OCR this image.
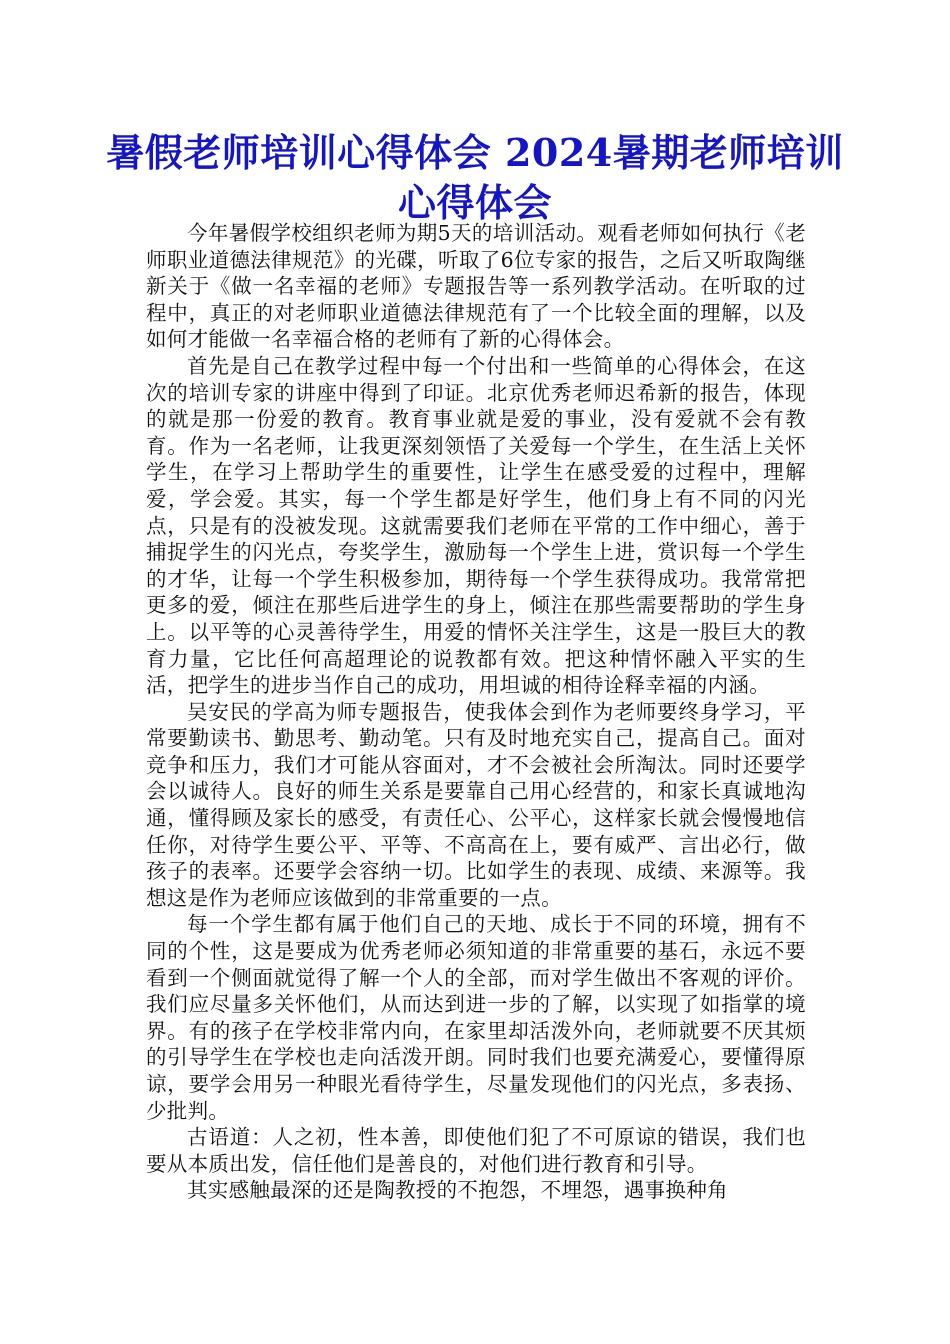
暑假老师培训心得体会 2024暑期老师培训心得体会

今年暑假学校组织老师为期5天的培训活动。观看老师如何执行《老师职业道德法律规范》的光碟，听取了6位专家的报告，之后又听取陶继新关于《做一名幸福的老师》专题报告等一系列教学活动。在听取的过程中，真正的对老师职业道德法律规范有了一个比较全面的理解，以及如何才能做一名幸福合格的老师有了新的心得体会。

首先是自己在教学过程中每一个付出和一些简单的心得体会，在这次的培训专家的讲座中得到了印证。北京优秀老师迟希新的报告，体现的就是那一份爱的教育。教育事业就是爱的事业，没有爱就不会有教育。作为一名老师，让我更深刻领悟了关爱每一个学生，在生活上关怀学生，在学习上帮助学生的重要性，让学生在感受爱的过程中，理解爱，学会爱。其实，每一个学生都是好学生，他们身上有不同的闪光点，只是有的没被发现。这就需要我们老师在平常的工作中细心，善于捕捉学生的闪光点，夸奖学生，激励每一个学生上进，赏识每一个学生的才华，让每一个学生积极参加，期待每一个学生获得成功。我常常把更多的爱，倾注在那些后进学生的身上，倾注在那些需要帮助的学生身上。以平等的心灵善待学生，用爱的情怀关注学生，这是一股巨大的教育力量，它比任何高超理论的说教都有效。把这种情怀融入平实的生活，把学生的进步当作自己的成功，用坦诚的相待诠释幸福的内涵。

吴安民的学高为师专题报告，使我体会到作为老师要终身学习，平常要勤读书、勤思考、勤动笔。只有及时地充实自己，提高自己。面对竞争和压力，我们才可能从容面对，才不会被社会所淘汰。同时还要学会以诚待人。良好的师生关系是要靠自己用心经营的，和家长真诚地沟通，懂得顾及家长的感受，有责任心、公平心，这样家长就会慢慢地信任你，对待学生要公平、平等、不高高在上，要有威严、言出必行，做孩子的表率。还要学会容纳一切。比如学生的表现、成绩、来源等。我想这是作为老师应该做到的非常重要的一点。

每一个学生都有属于他们自己的天地、成长于不同的环境，拥有不同的个性，这是要成为优秀老师必须知道的非常重要的基石，永远不要看到一个侧面就觉得了解一个人的全部，而对学生做出不客观的评价。我们应尽量多关怀他们，从而达到进一步的了解，以实现了如指掌的境界。有的孩子在学校非常内向，在家里却活泼外向，老师就要不厌其烦的引导学生在学校也走向活泼开朗。同时我们也要充满爱心，要懂得原谅，要学会用另一种眼光看待学生，尽量发现他们的闪光点，多表扬、少批判。

古语道：人之初，性本善，即使他们犯了不可原谅的错误，我们也要从本质出发，信任他们是善良的，对他们进行教育和引导。

其实感触最深的还是陶教授的不抱怨，不埋怨，遇事换种角
